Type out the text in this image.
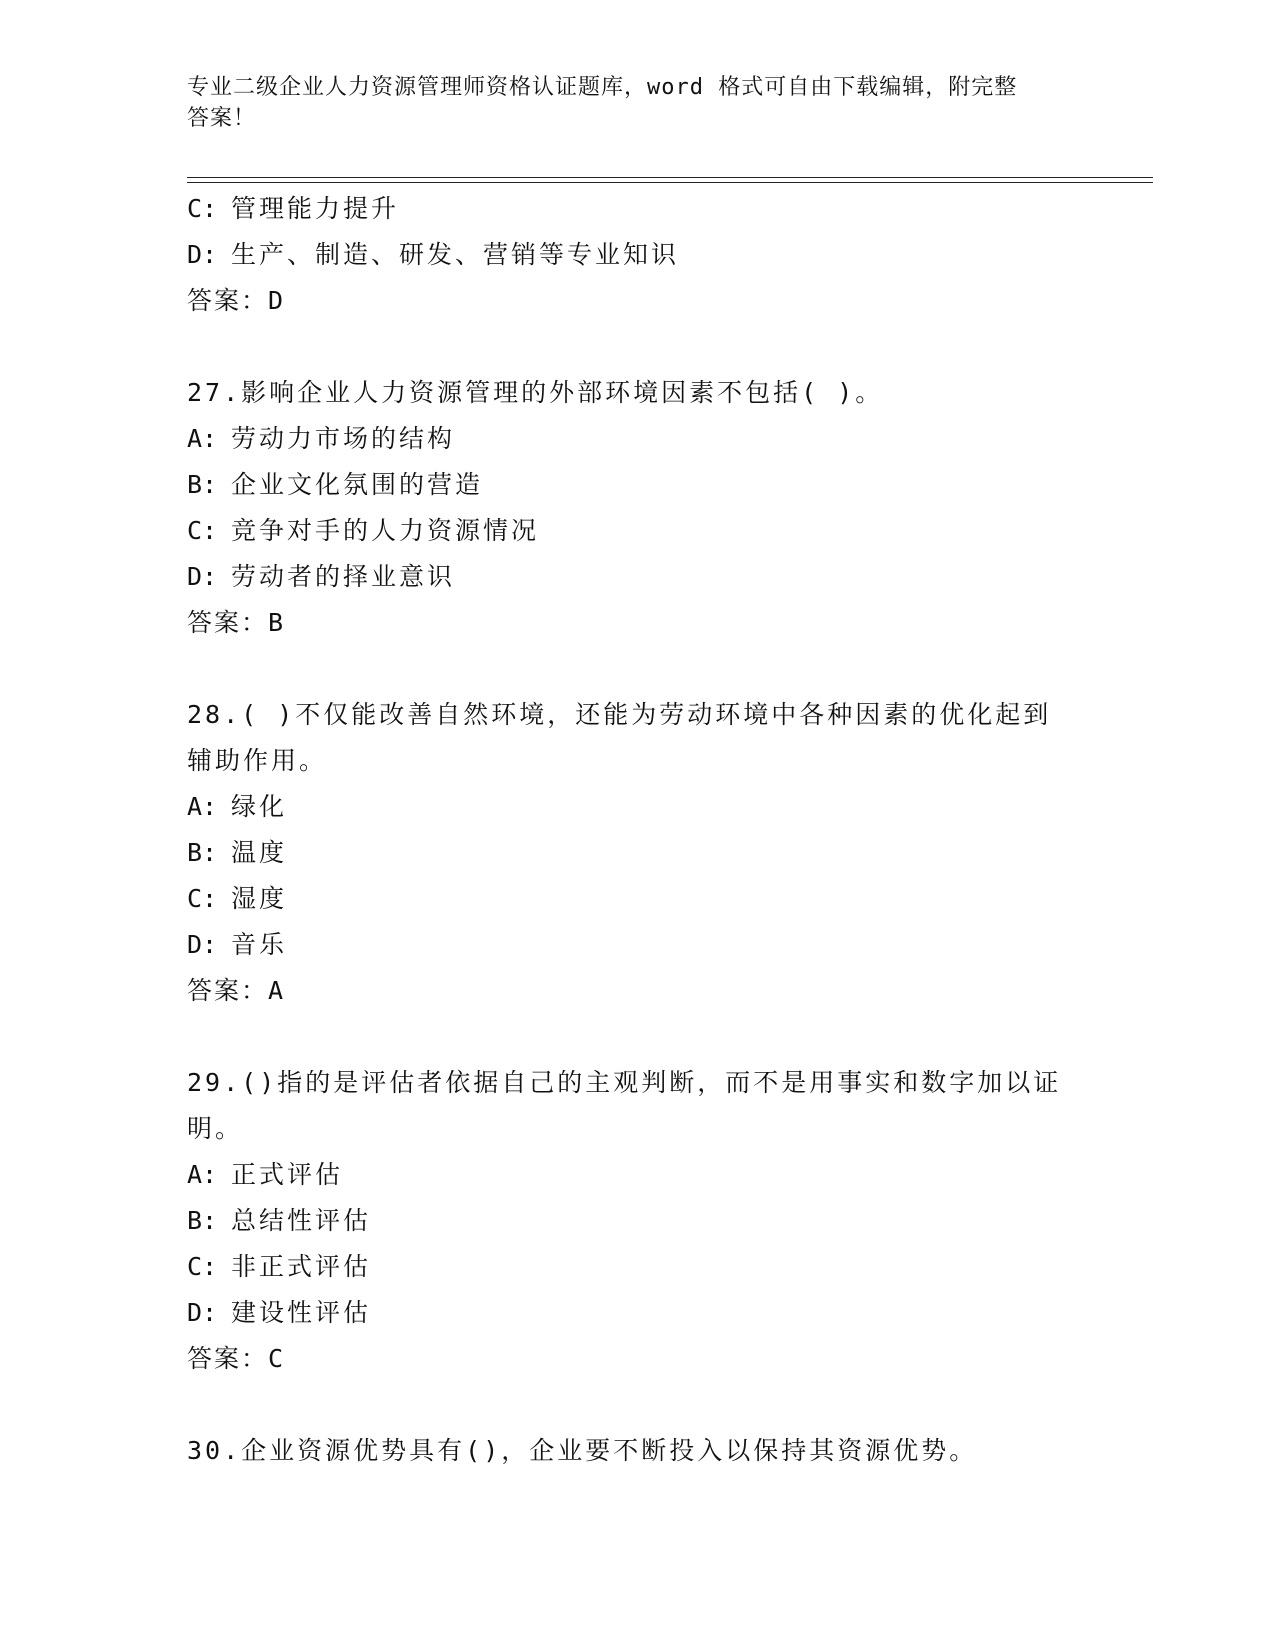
专业二级企业人力资源管理师资格认证题库，word 格式可自由下载编辑，附完整
答案！
C: 管理能力提升
D: 生产、制造、研发、营销等专业知识
答案：D
27.影响企业人力资源管理的外部环境因素不包括( )。
A: 劳动力市场的结构
B: 企业文化氛围的营造
C: 竞争对手的人力资源情况
D: 劳动者的择业意识
答案：B
28.( )不仅能改善自然环境，还能为劳动环境中各种因素的优化起到
辅助作用。
A: 绿化
B: 温度
C: 湿度
D: 音乐
答案：A
29.()指的是评估者依据自己的主观判断，而不是用事实和数字加以证
明。
A: 正式评估
B: 总结性评估
C: 非正式评估
D: 建设性评估
答案：C
30.企业资源优势具有()，企业要不断投入以保持其资源优势。
